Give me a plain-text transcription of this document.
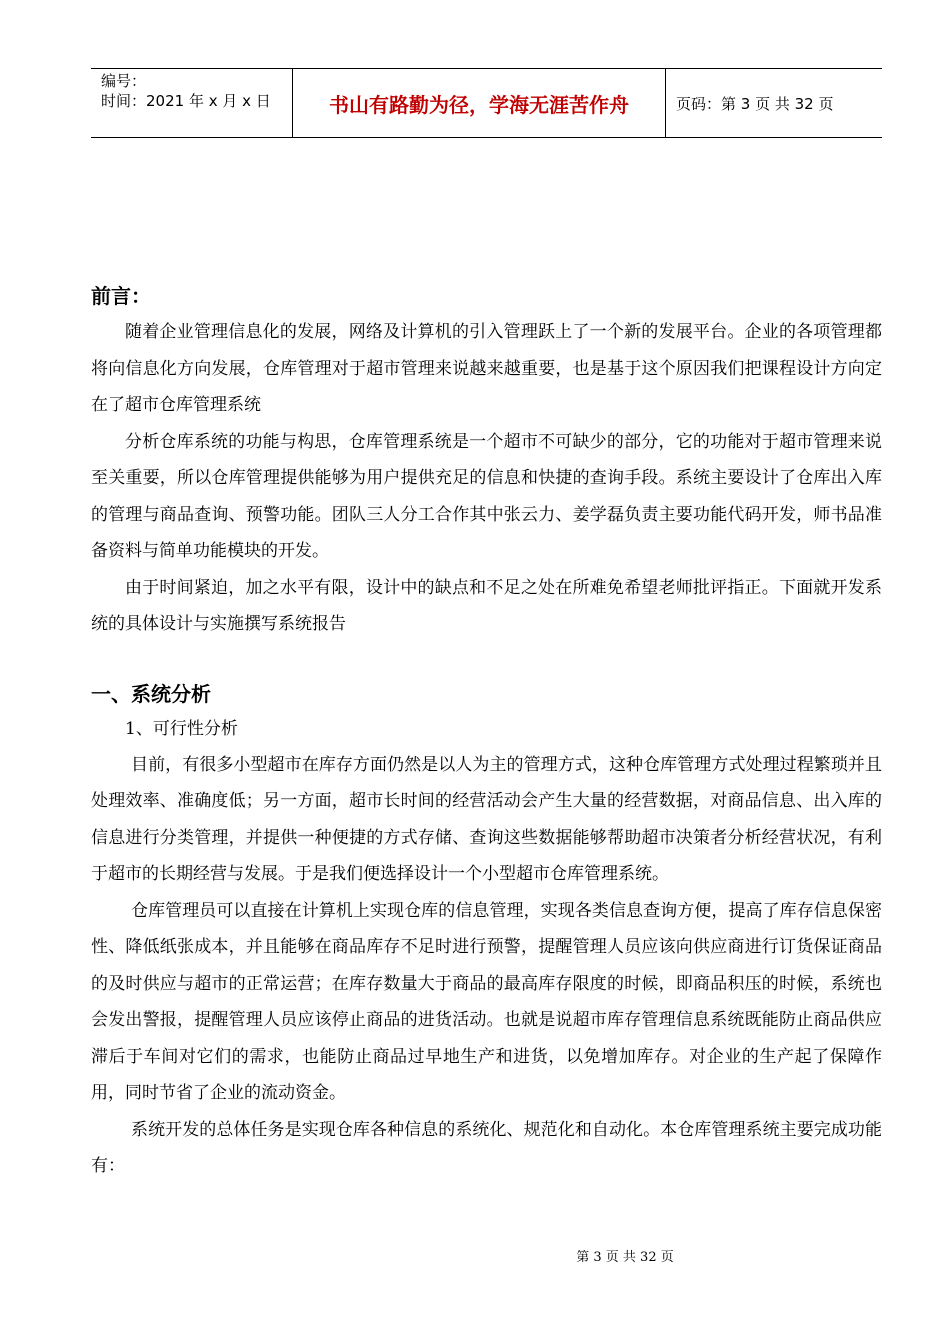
编号：
时间：2021 年 x 月 x 日	书山有路勤为径，学海无涯苦作舟	页码：第 3 页 共 32 页

前言：

随着企业管理信息化的发展，网络及计算机的引入管理跃上了一个新的发展平台。企业的各项管理都将向信息化方向发展，仓库管理对于超市管理来说越来越重要，也是基于这个原因我们把课程设计方向定在了超市仓库管理系统

分析仓库系统的功能与构思，仓库管理系统是一个超市不可缺少的部分，它的功能对于超市管理来说至关重要，所以仓库管理提供能够为用户提供充足的信息和快捷的查询手段。系统主要设计了仓库出入库的管理与商品查询、预警功能。团队三人分工合作其中张云力、姜学磊负责主要功能代码开发，师书品准备资料与简单功能模块的开发。

由于时间紧迫，加之水平有限，设计中的缺点和不足之处在所难免希望老师批评指正。下面就开发系统的具体设计与实施撰写系统报告

一、系统分析

1、可行性分析

目前，有很多小型超市在库存方面仍然是以人为主的管理方式，这种仓库管理方式处理过程繁琐并且处理效率、准确度低；另一方面，超市长时间的经营活动会产生大量的经营数据，对商品信息、出入库的信息进行分类管理，并提供一种便捷的方式存储、查询这些数据能够帮助超市决策者分析经营状况，有利于超市的长期经营与发展。于是我们便选择设计一个小型超市仓库管理系统。

仓库管理员可以直接在计算机上实现仓库的信息管理，实现各类信息查询方便，提高了库存信息保密性、降低纸张成本，并且能够在商品库存不足时进行预警，提醒管理人员应该向供应商进行订货保证商品的及时供应与超市的正常运营；在库存数量大于商品的最高库存限度的时候，即商品积压的时候，系统也会发出警报，提醒管理人员应该停止商品的进货活动。也就是说超市库存管理信息系统既能防止商品供应滞后于车间对它们的需求，也能防止商品过早地生产和进货，以免增加库存。对企业的生产起了保障作用，同时节省了企业的流动资金。

系统开发的总体任务是实现仓库各种信息的系统化、规范化和自动化。本仓库管理系统主要完成功能有：

第 3 页 共 32 页
